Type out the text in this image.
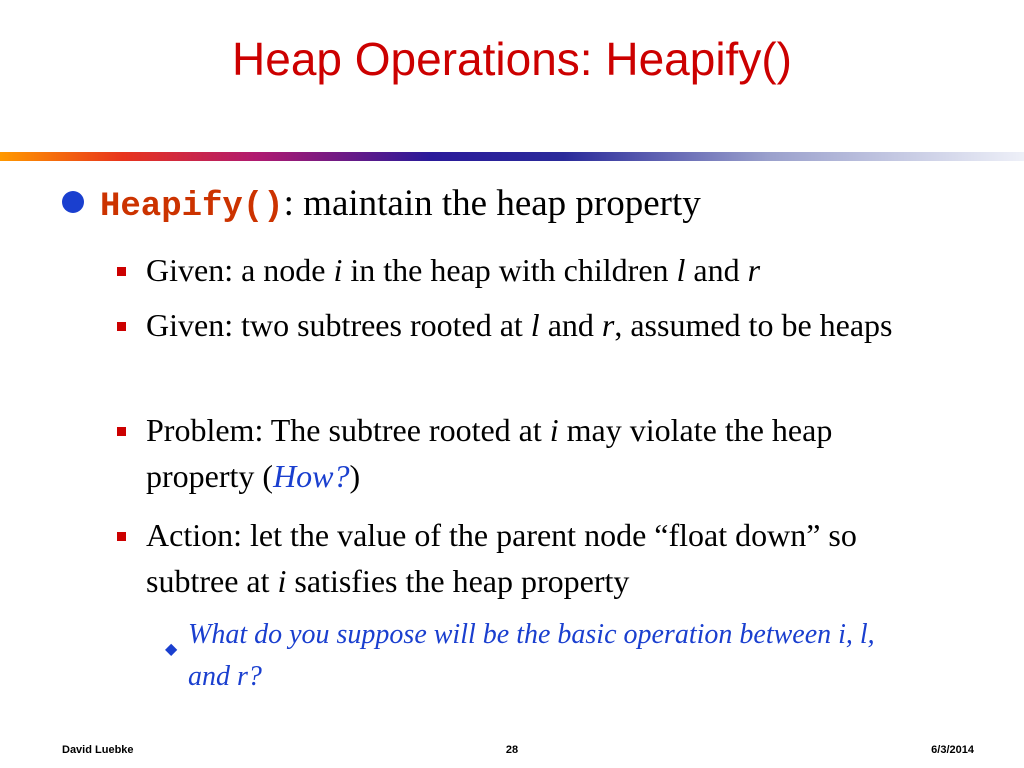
Heap Operations: Heapify()
Heapify(): maintain the heap property
Given: a node i in the heap with children l and r
Given: two subtrees rooted at l and r, assumed to be heaps
Problem: The subtree rooted at i may violate the heap property (How?)
Action: let the value of the parent node “float down” so subtree at i satisfies the heap property
◆ What do you suppose will be the basic operation between i, l, and r?
David Luebke	28	6/3/2014
